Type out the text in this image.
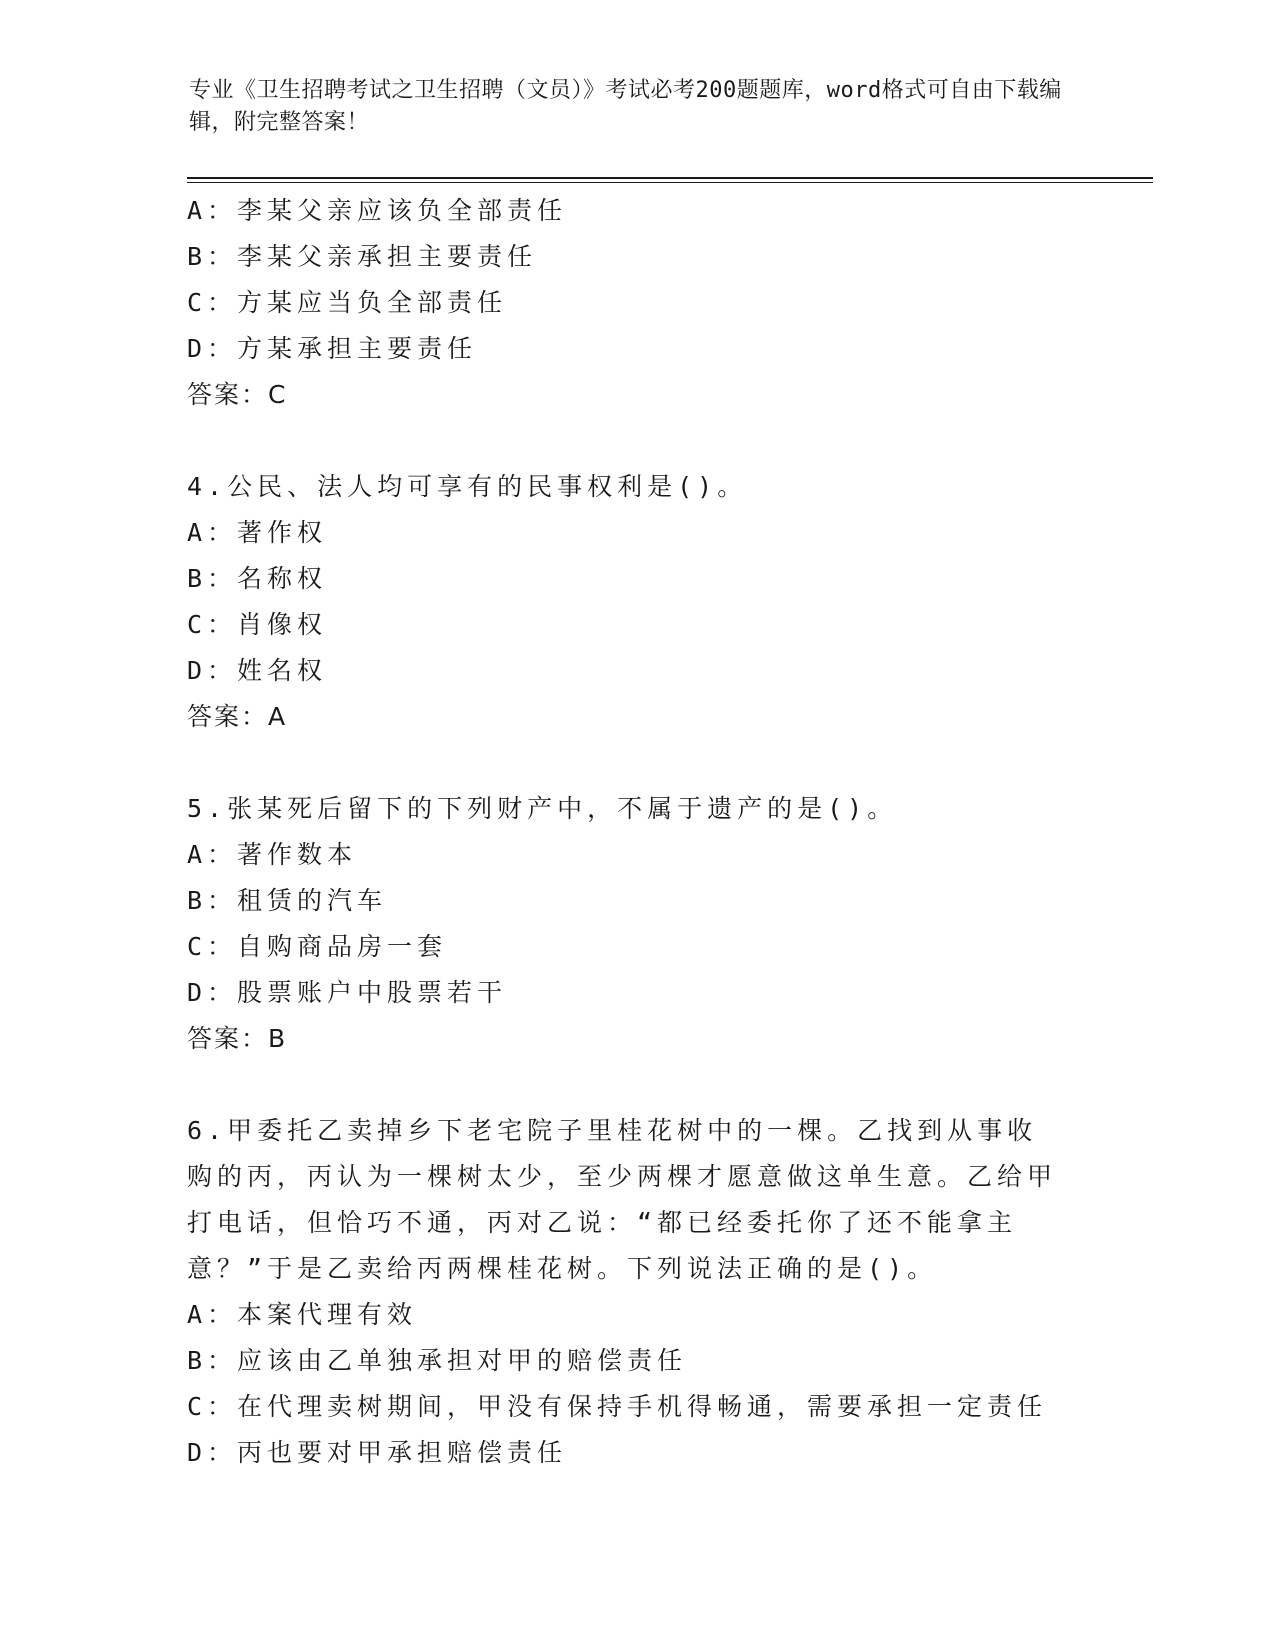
专业《卫生招聘考试之卫生招聘（文员）》考试必考200题题库，word格式可自由下载编辑，附完整答案！
A：李某父亲应该负全部责任
B：李某父亲承担主要责任
C：方某应当负全部责任
D：方某承担主要责任
答案：C
4.公民、法人均可享有的民事权利是()。
A：著作权
B：名称权
C：肖像权
D：姓名权
答案：A
5.张某死后留下的下列财产中，不属于遗产的是()。
A：著作数本
B：租赁的汽车
C：自购商品房一套
D：股票账户中股票若干
答案：B
6.甲委托乙卖掉乡下老宅院子里桂花树中的一棵。乙找到从事收购的丙，丙认为一棵树太少，至少两棵才愿意做这单生意。乙给甲打电话，但恰巧不通，丙对乙说：“都已经委托你了还不能拿主意？”于是乙卖给丙两棵桂花树。下列说法正确的是()。
A：本案代理有效
B：应该由乙单独承担对甲的赔偿责任
C：在代理卖树期间，甲没有保持手机得畅通，需要承担一定责任
D：丙也要对甲承担赔偿责任
